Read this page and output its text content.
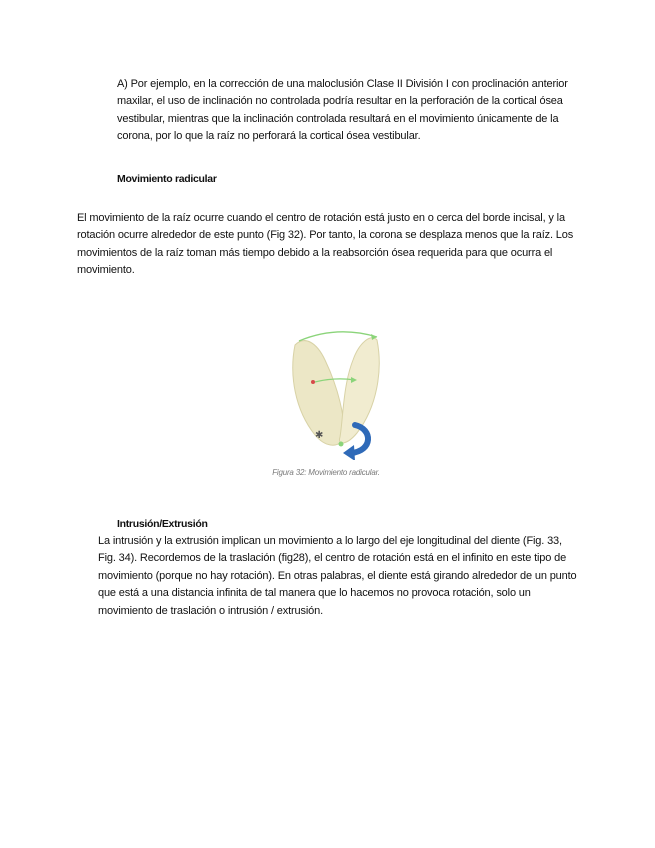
A) Por ejemplo, en la corrección de una maloclusión Clase II División I con proclinación anterior maxilar, el uso de inclinación no controlada podría resultar en la perforación de la cortical ósea vestibular, mientras que la inclinación controlada resultará en el movimiento únicamente de la corona, por lo que la raíz no perforará la cortical ósea vestibular.
Movimiento radicular
El movimiento de la raíz ocurre cuando el centro de rotación está justo en o cerca del borde incisal, y la rotación ocurre alrededor de este punto (Fig 32). Por tanto, la corona se desplaza menos que la raíz. Los movimientos de la raíz toman más tiempo debido a la reabsorción ósea requerida para que ocurra el movimiento.
✱
Figura 32: Movimiento radicular.
Intrusión/Extrusión
La intrusión y la extrusión implican un movimiento a lo largo del eje longitudinal del diente (Fig. 33, Fig. 34). Recordemos de la traslación (fig28), el centro de rotación está en el infinito en este tipo de movimiento (porque no hay rotación). En otras palabras, el diente está girando alrededor de un punto que está a una distancia infinita de tal manera que lo hacemos no provoca rotación, solo un movimiento de traslación o intrusión / extrusión.
